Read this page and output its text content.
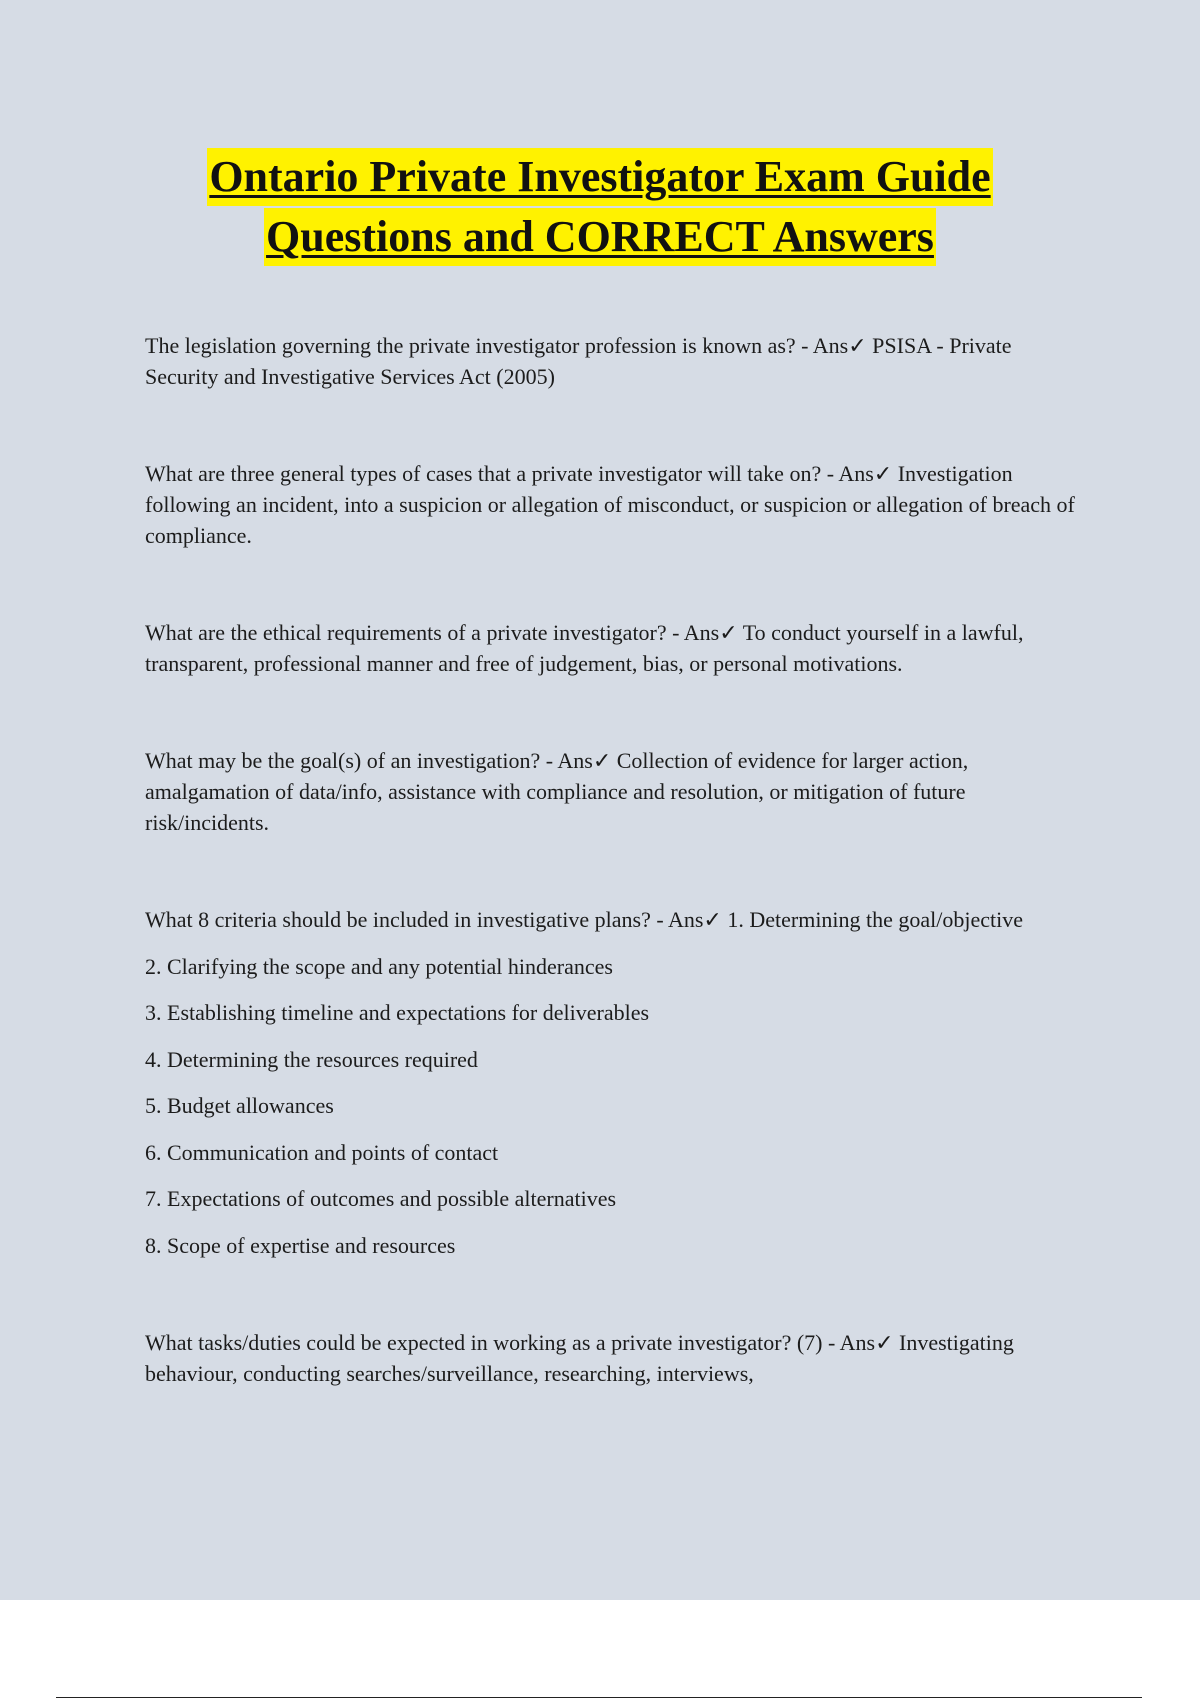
Ontario Private Investigator Exam Guide
Questions and CORRECT Answers

The legislation governing the private investigator profession is known as? - Ans✓ PSISA - Private Security and Investigative Services Act (2005)

What are three general types of cases that a private investigator will take on? - Ans✓ Investigation following an incident, into a suspicion or allegation of misconduct, or suspicion or allegation of breach of compliance.

What are the ethical requirements of a private investigator? - Ans✓ To conduct yourself in a lawful, transparent, professional manner and free of judgement, bias, or personal motivations.

What may be the goal(s) of an investigation? - Ans✓ Collection of evidence for larger action, amalgamation of data/info, assistance with compliance and resolution, or mitigation of future risk/incidents.

What 8 criteria should be included in investigative plans? - Ans✓ 1. Determining the goal/objective

2. Clarifying the scope and any potential hinderances
3. Establishing timeline and expectations for deliverables
4. Determining the resources required
5. Budget allowances
6. Communication and points of contact
7. Expectations of outcomes and possible alternatives
8. Scope of expertise and resources

What tasks/duties could be expected in working as a private investigator? (7) - Ans✓ Investigating behaviour, conducting searches/surveillance, researching, interviews,
